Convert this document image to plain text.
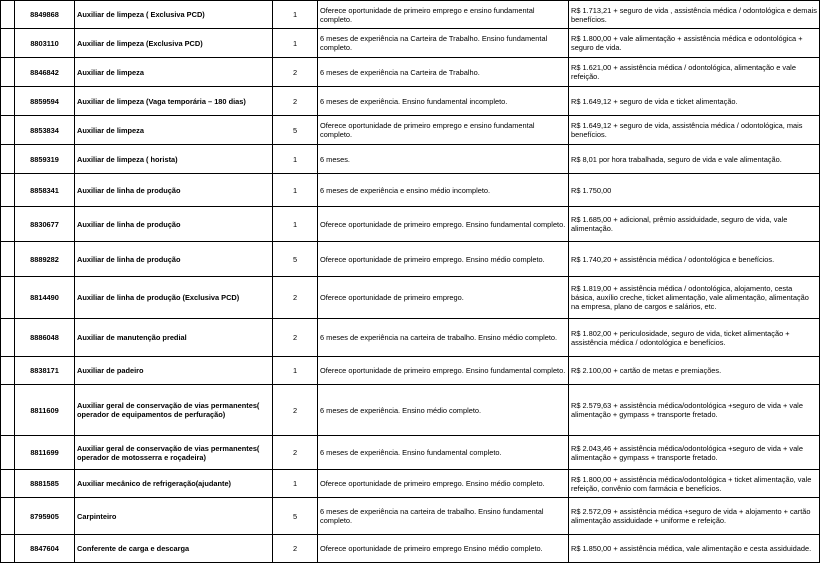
	8849868	Auxiliar de limpeza ( Exclusiva PCD)	1	Oferece oportunidade de primeiro emprego e ensino fundamental completo.	R$ 1.713,21 + seguro de vida , assistência médica / odontológica e demais benefícios.
	8803110	Auxiliar de limpeza (Exclusiva PCD)	1	6 meses de experiência na Carteira de Trabalho. Ensino fundamental completo.	R$ 1.800,00 + vale alimentação + assistência médica e odontológica + seguro de vida.
	8846842	Auxiliar de limpeza	2	6 meses de experiência na Carteira de Trabalho.	R$ 1.621,00 + assistência médica / odontológica, alimentação e vale refeição.
	8859594	Auxiliar de limpeza (Vaga temporária – 180 dias)	2	6 meses de experiência. Ensino fundamental incompleto.	R$ 1.649,12 + seguro de vida e ticket alimentação.
	8853834	Auxiliar de limpeza	5	Oferece oportunidade de primeiro emprego e ensino fundamental completo.	R$ 1.649,12 + seguro de vida, assistência médica / odontológica, mais benefícios.
	8859319	Auxiliar de limpeza ( horista)	1	6 meses.	R$ 8,01 por hora trabalhada, seguro de vida e vale alimentação.
	8858341	Auxiliar de linha de produção	1	6 meses de experiência e ensino médio incompleto.	R$ 1.750,00
	8830677	Auxiliar de linha de produção	1	Oferece oportunidade de primeiro emprego. Ensino fundamental completo.	R$ 1.685,00 + adicional, prêmio assiduidade, seguro de vida, vale alimentação.
	8889282	Auxiliar de linha de produção	5	Oferece oportunidade de primeiro emprego. Ensino médio completo.	R$ 1.740,20 + assistência médica / odontológica e benefícios.
	8814490	Auxiliar de linha de produção (Exclusiva PCD)	2	Oferece oportunidade de primeiro emprego.	R$ 1.819,00 + assistência médica / odontológica, alojamento, cesta básica, auxílio creche, ticket alimentação, vale alimentação, alimentação na empresa, plano de cargos e salários, etc.
	8886048	Auxiliar de manutenção predial	2	6 meses de experiência na carteira de trabalho. Ensino médio completo.	R$ 1.802,00 + periculosidade, seguro de vida, ticket alimentação + assistência médica / odontológica e benefícios.
	8838171	Auxiliar de padeiro	1	Oferece oportunidade de primeiro emprego. Ensino fundamental completo.	R$ 2.100,00 + cartão de metas e premiações.
	8811609	Auxiliar geral de conservação de vias permanentes( operador de equipamentos de perfuração)	2	6 meses de experiência. Ensino médio completo.	R$ 2.579,63 + assistência médica/odontológica +seguro de vida + vale alimentação + gympass + transporte fretado.
	8811699	Auxiliar geral de conservação de vias permanentes( operador de motosserra e roçadeira)	2	6 meses de experiência. Ensino fundamental completo.	R$ 2.043,46 + assistência médica/odontológica +seguro de vida + vale alimentação + gympass + transporte fretado.
	8881585	Auxiliar mecânico de refrigeração(ajudante)	1	Oferece oportunidade de primeiro emprego. Ensino médio completo.	R$ 1.800,00 + assistência médica/odontológica + ticket alimentação, vale refeição, convênio com farmácia e benefícios.
	8795905	Carpinteiro	5	6 meses de experiência na carteira de trabalho. Ensino fundamental completo.	R$ 2.572,09 + assistência médica +seguro de vida + alojamento + cartão alimentação assiduidade + uniforme e refeição.
	8847604	Conferente de carga e descarga	2	Oferece oportunidade de primeiro emprego Ensino médio completo.	R$ 1.850,00 + assistência médica, vale alimentação e cesta assiduidade.
